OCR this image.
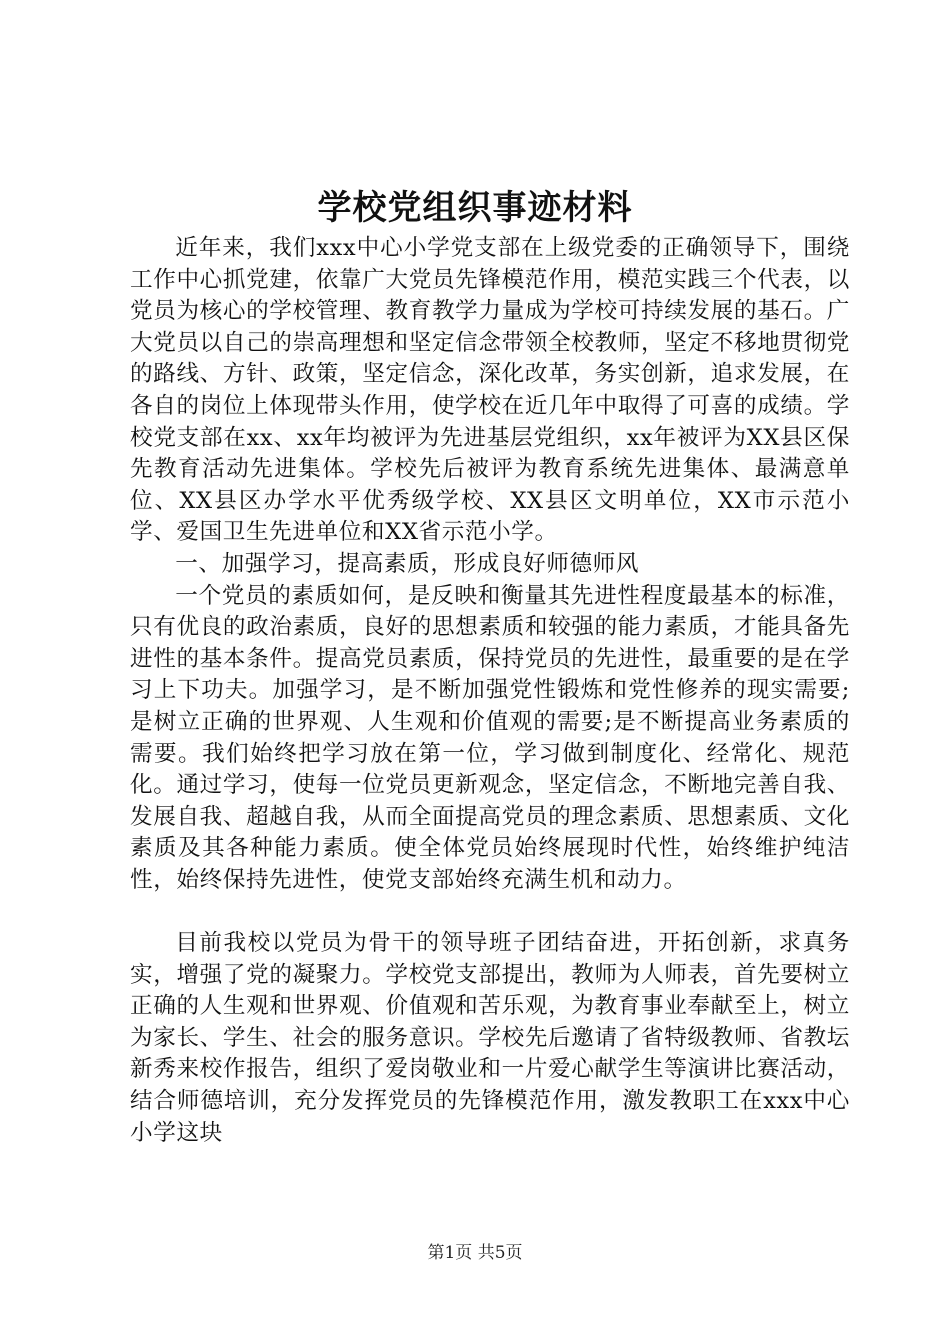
学校党组织事迹材料

近年来，我们xxx中心小学党支部在上级党委的正确领导下，围绕工作中心抓党建，依靠广大党员先锋模范作用，模范实践三个代表，以党员为核心的学校管理、教育教学力量成为学校可持续发展的基石。广大党员以自己的崇高理想和坚定信念带领全校教师，坚定不移地贯彻党的路线、方针、政策，坚定信念，深化改革，务实创新，追求发展，在各自的岗位上体现带头作用，使学校在近几年中取得了可喜的成绩。学校党支部在xx、xx年均被评为先进基层党组织，xx年被评为XX县区保先教育活动先进集体。学校先后被评为教育系统先进集体、最满意单位、XX县区办学水平优秀级学校、XX县区文明单位，XX市示范小学、爱国卫生先进单位和XX省示范小学。

一、加强学习，提高素质，形成良好师德师风

一个党员的素质如何，是反映和衡量其先进性程度最基本的标准，只有优良的政治素质，良好的思想素质和较强的能力素质，才能具备先进性的基本条件。提高党员素质，保持党员的先进性，最重要的是在学习上下功夫。加强学习，是不断加强党性锻炼和党性修养的现实需要;是树立正确的世界观、人生观和价值观的需要;是不断提高业务素质的需要。我们始终把学习放在第一位，学习做到制度化、经常化、规范化。通过学习，使每一位党员更新观念，坚定信念，不断地完善自我、发展自我、超越自我，从而全面提高党员的理念素质、思想素质、文化素质及其各种能力素质。使全体党员始终展现时代性，始终维护纯洁性，始终保持先进性，使党支部始终充满生机和动力。

目前我校以党员为骨干的领导班子团结奋进，开拓创新，求真务实，增强了党的凝聚力。学校党支部提出，教师为人师表，首先要树立正确的人生观和世界观、价值观和苦乐观，为教育事业奉献至上，树立为家长、学生、社会的服务意识。学校先后邀请了省特级教师、省教坛新秀来校作报告，组织了爱岗敬业和一片爱心献学生等演讲比赛活动，结合师德培训，充分发挥党员的先锋模范作用，激发教职工在xxx中心小学这块

第1页 共5页
